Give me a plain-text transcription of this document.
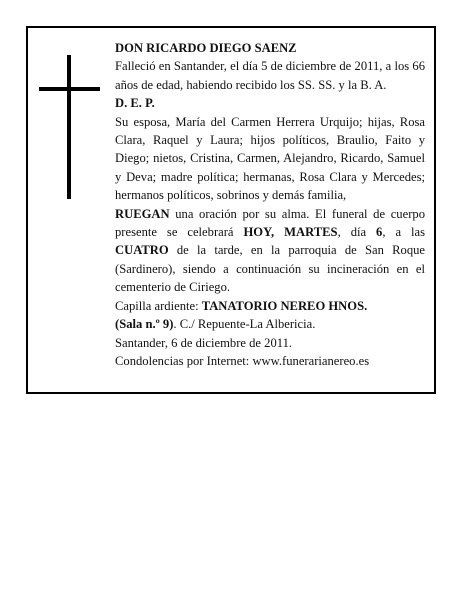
DON RICARDO DIEGO SAENZ

Falleció en Santander, el día 5 de diciembre de 2011, a los 66 años de edad, habiendo recibido los SS. SS. y la B. A.

D. E. P.

Su esposa, María del Carmen Herrera Urquijo; hijas, Rosa Clara, Raquel y Laura; hijos políticos, Braulio, Faito y Diego; nietos, Cristina, Carmen, Alejandro, Ricardo, Samuel y Deva; madre política; hermanas, Rosa Clara y Mercedes; hermanos políticos, sobrinos y demás familia,

RUEGAN una oración por su alma. El funeral de cuerpo presente se celebrará HOY, MARTES, día 6, a las CUATRO de la tarde, en la parroquia de San Roque (Sardinero), siendo a continuación su incineración en el cementerio de Ciriego.

Capilla ardiente: TANATORIO NEREO HNOS.
(Sala n.º 9). C./ Repuente-La Albericia.

Santander, 6 de diciembre de 2011.

Condolencias por Internet: www.funerarianereo.es
